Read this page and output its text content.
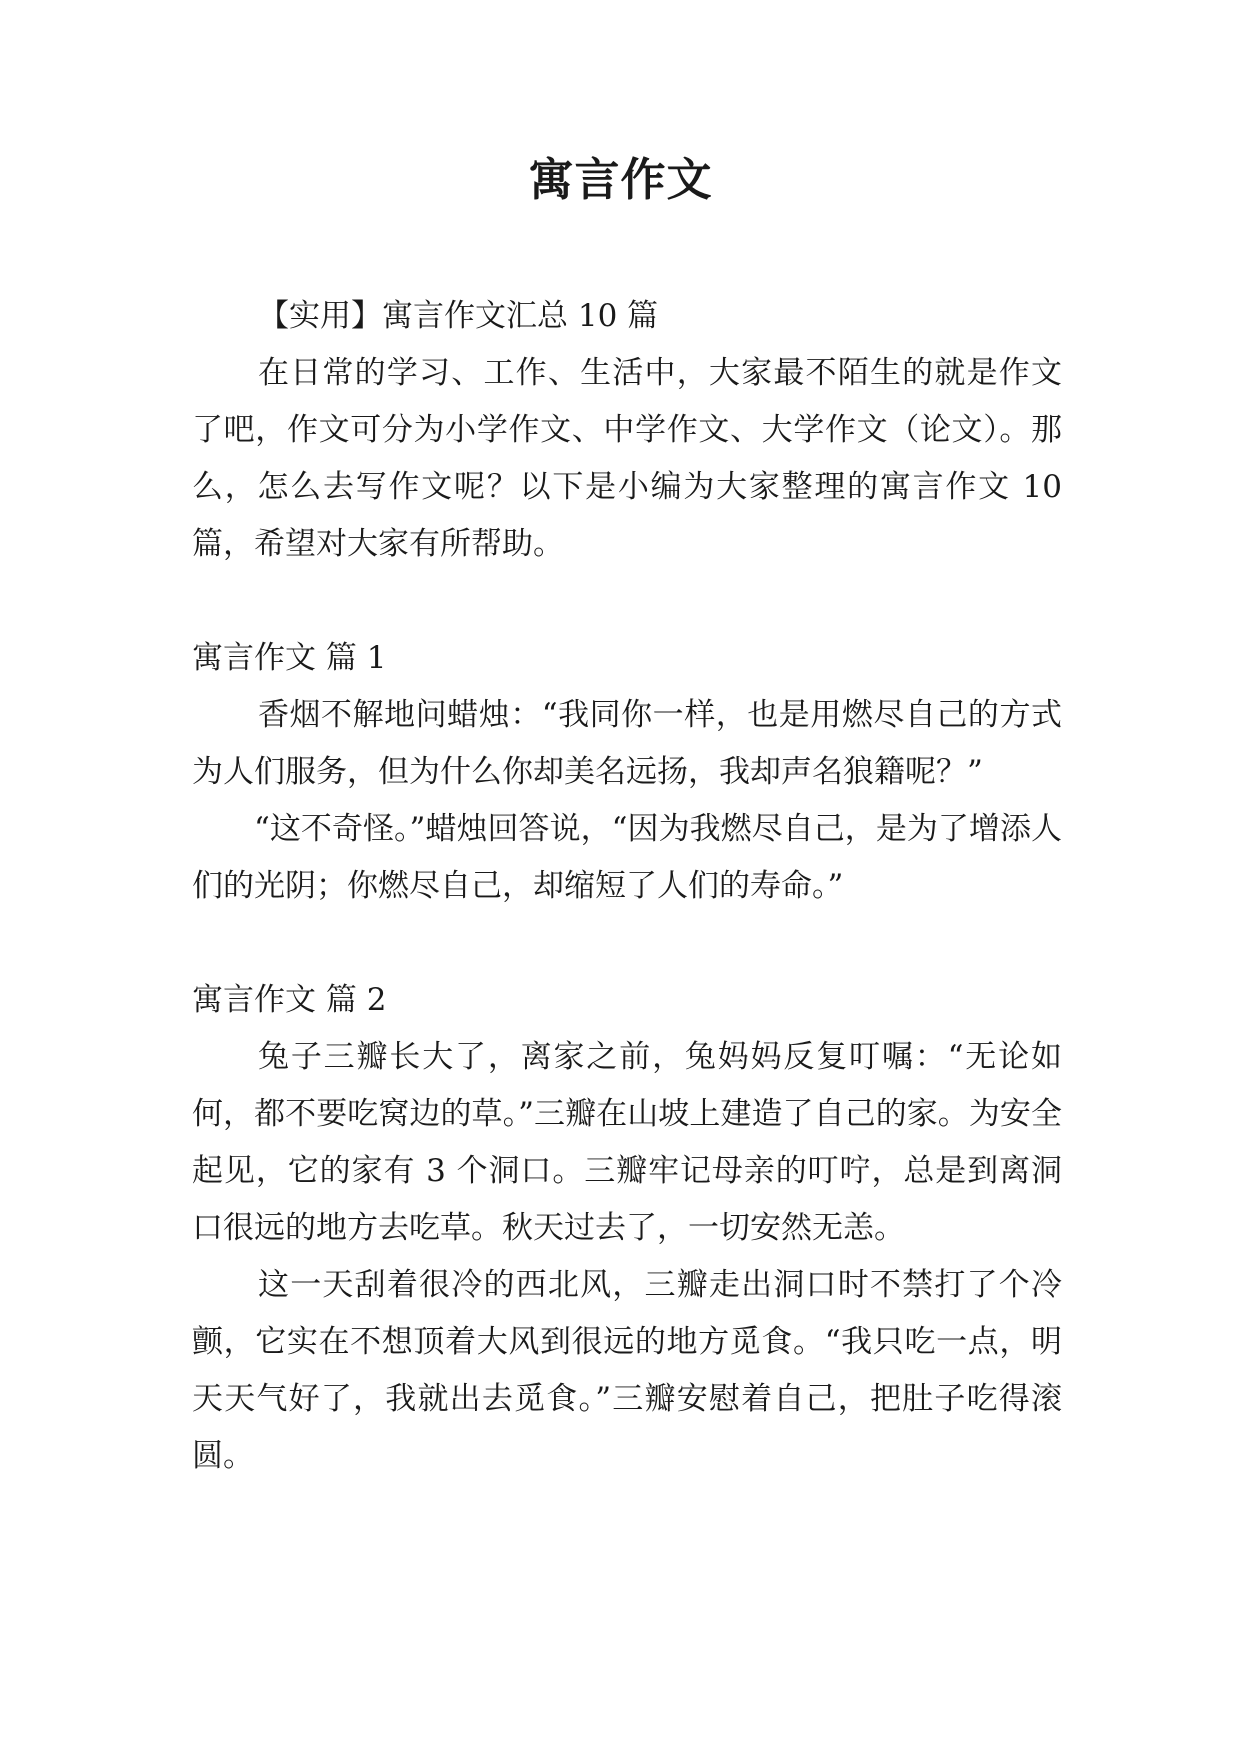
寓言作文

【实用】寓言作文汇总 10 篇

在日常的学习、工作、生活中，大家最不陌生的就是作文了吧，作文可分为小学作文、中学作文、大学作文（论文）。那么，怎么去写作文呢？以下是小编为大家整理的寓言作文 10 篇，希望对大家有所帮助。

寓言作文 篇 1

香烟不解地问蜡烛：“我同你一样，也是用燃尽自己的方式为人们服务，但为什么你却美名远扬，我却声名狼籍呢？”

“这不奇怪。”蜡烛回答说，“因为我燃尽自己，是为了增添人们的光阴；你燃尽自己，却缩短了人们的寿命。”

寓言作文 篇 2

兔子三瓣长大了，离家之前，兔妈妈反复叮嘱：“无论如何，都不要吃窝边的草。”三瓣在山坡上建造了自己的家。为安全起见，它的家有 3 个洞口。三瓣牢记母亲的叮咛，总是到离洞口很远的地方去吃草。秋天过去了，一切安然无恙。

这一天刮着很冷的西北风，三瓣走出洞口时不禁打了个冷颤，它实在不想顶着大风到很远的地方觅食。“我只吃一点，明天天气好了，我就出去觅食。”三瓣安慰着自己，把肚子吃得滚圆。
